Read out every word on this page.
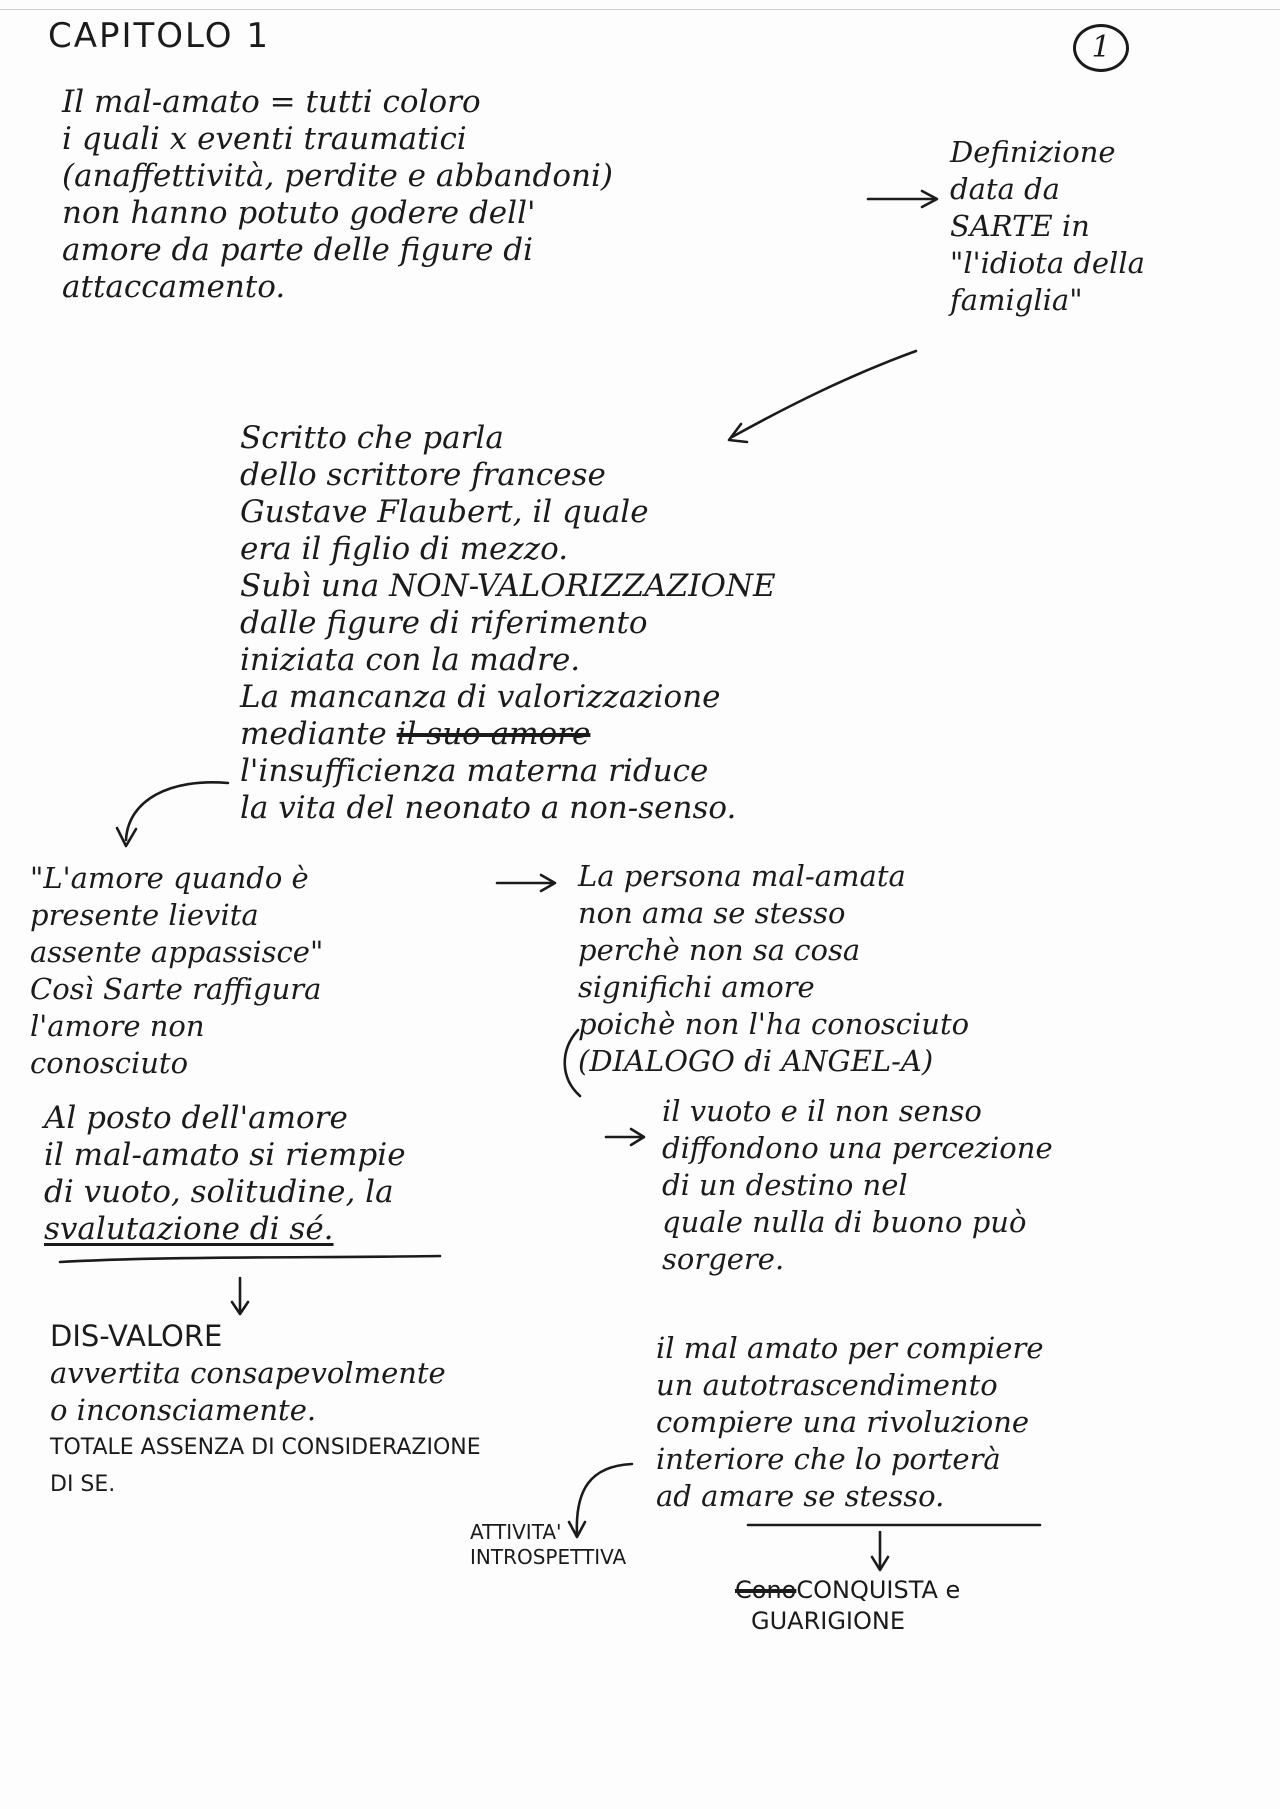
CAPITOLO 1	1
Il mal-amato = tutti coloro
i quali x eventi traumatici
(anaffettività, perdite e abbandoni)
non hanno potuto godere dell'
amore da parte delle figure di
attaccamento.
Definizione
data da
SARTE in
"l'idiota della
famiglia"
Scritto che parla
dello scrittore francese
Gustave Flaubert, il quale
era il figlio di mezzo.
Subì una NON-VALORIZZAZIONE
dalle figure di riferimento
iniziata con la madre.
La mancanza di valorizzazione
mediante il suo amore
l'insufficienza materna riduce
la vita del neonato a non-senso.
"L'amore quando è
presente lievita
assente appassisce"
Così Sarte raffigura
l'amore non
conosciuto
La persona mal-amata
non ama se stesso
perchè non sa cosa
significhi amore
poichè non l'ha conosciuto
(DIALOGO di ANGEL-A)
Al posto dell'amore
il mal-amato si riempie
di vuoto, solitudine, la
svalutazione di sé.
il vuoto e il non senso
diffondono una percezione
di un destino nel
quale nulla di buono può
sorgere.
DIS-VALORE
avvertita consapevolmente
o inconsciamente.
TOTALE ASSENZA DI CONSIDERAZIONE
DI SE.
il mal amato per compiere
un autotrascendimento
compiere una rivoluzione
interiore che lo porterà
ad amare se stesso.
ATTIVITA'
INTROSPETTIVA
ConoCONQUISTA e
GUARIGIONE
